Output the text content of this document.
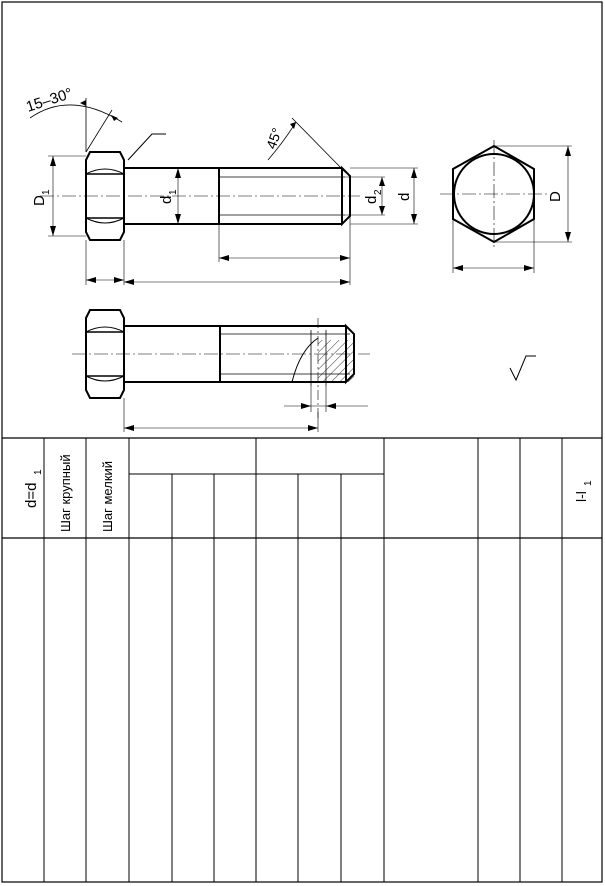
15–30°
45°
D
1
d
1
d
2
d	D
d=d
1 Шаг крупный Шаг мелкий	l-l
1
